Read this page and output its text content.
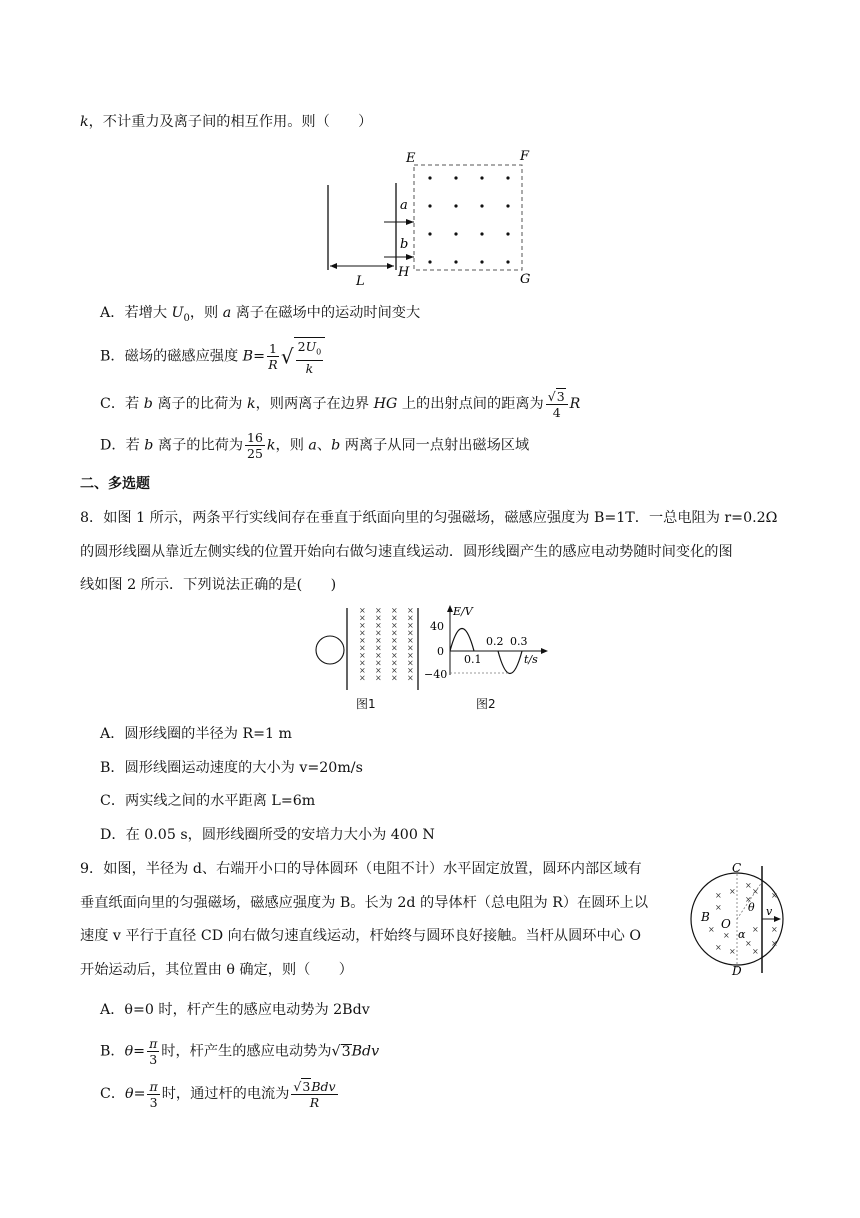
k，不计重力及离子间的相互作用。则（　　）
E	F
a
b
H	G
L
A．若增大 $U_0$，则 a 离子在磁场中的运动时间变大
B．磁场的磁感应强度 $B= \frac{1}{R}$ √ $\frac{2U_0}{k}$
C．若 b 离子的比荷为 k，则两离子在边界 HG 上的出射点间的距离为 $\frac{√3}{4}$ R
D．若 b 离子的比荷为 $\frac{16}{25}$ k，则 a、b 两离子从同一点射出磁场区域
二、多选题
8．如图 1 所示，两条平行实线间存在垂直于纸面向里的匀强磁场，磁感应强度为 B=1T．一总电阻为 r=0.2Ω
的圆形线圈从靠近左侧实线的位置开始向右做匀速直线运动．圆形线圈产生的感应电动势随时间变化的图
线如图 2 所示．下列说法正确的是(　　)
×
×
×
×
×
×
×
×
×
×
×
×
×
×
×
×
×
×
×
×
×
×
×
×
×
×
×
×
×
×
×
×
×
×
×
×
×
×
×
×
图1
E/V
40
0
−40
0.1
0.2 0.3
t/s
图2
A．圆形线圈的半径为 R=1 m
B．圆形线圈运动速度的大小为 v=20m/s
C．两实线之间的水平距离 L=6m
D．在 0.05 s，圆形线圈所受的安培力大小为 400 N
9．如图，半径为 d、右端开小口的导体圆环（电阻不计）水平固定放置，圆环内部区域有
垂直纸面向里的匀强磁场，磁感应强度为 B。长为 2d 的导体杆（总电阻为 R）在圆环上以
速度 v 平行于直径 CD 向右做匀速直线运动，杆始终与圆环良好接触。当杆从圆环中心 O
开始运动后，其位置由 θ 确定，则（　　）
× ×
×
×
×
×
×
×
× ×
×
×
×
×
×
×
C
D
B O
θ
α
v
A．θ=0 时，杆产生的感应电动势为 2Bdv
B．$\theta= \frac{\pi}{3}$ 时，杆产生的感应电动势为√3Bdv
C．$\theta= \frac{\pi}{3}$ 时，通过杆的电流为 $\frac{\text{√3Bdv}}{R}$
